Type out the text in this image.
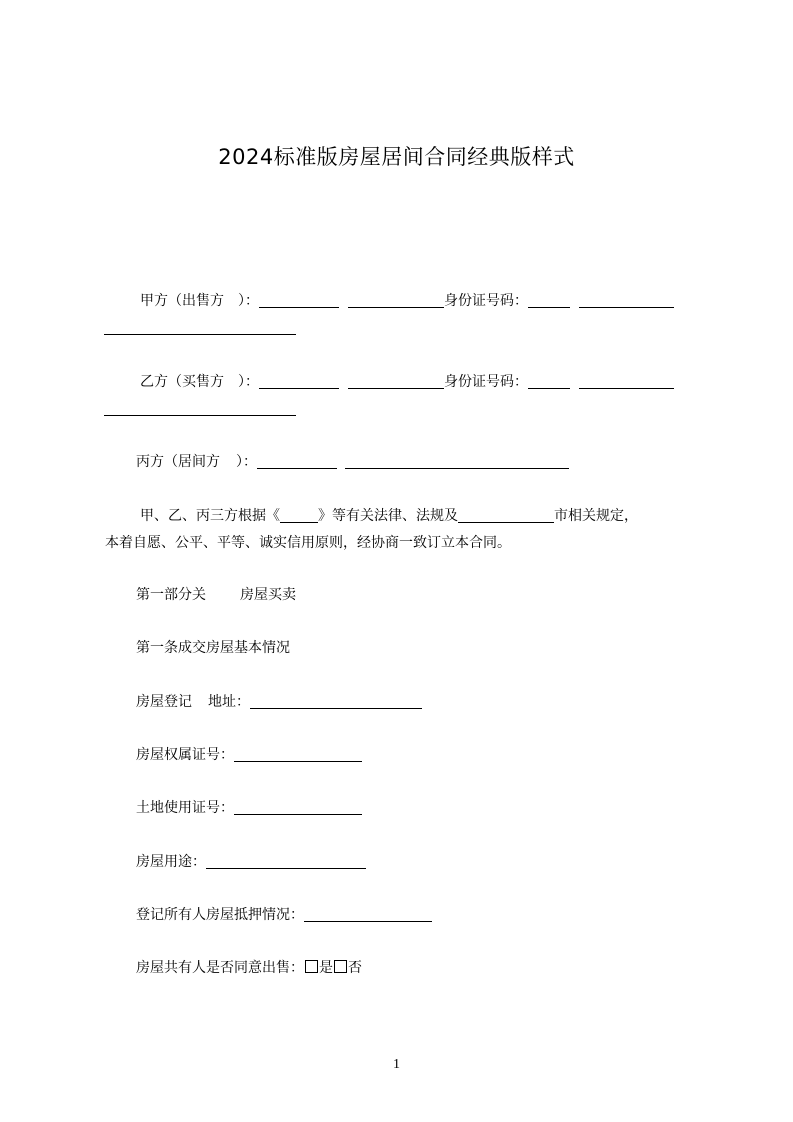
2024标准版房屋居间合同经典版样式
甲方（出售方 ）：	身份证号码：
乙方（买售方 ）：	身份证号码：
丙方（居间方 ）：
甲、乙、丙三方根据《	》等有关法律、法规及	市相关规定，
本着自愿、公平、平等、诚实信用原则，经协商一致订立本合同。
第一部分关 房屋买卖
第一条成交房屋基本情况
房屋登记 地址：
房屋权属证号：
土地使用证号：
房屋用途：
登记所有人房屋抵押情况：
房屋共有人是否同意出售： 是 否
1
